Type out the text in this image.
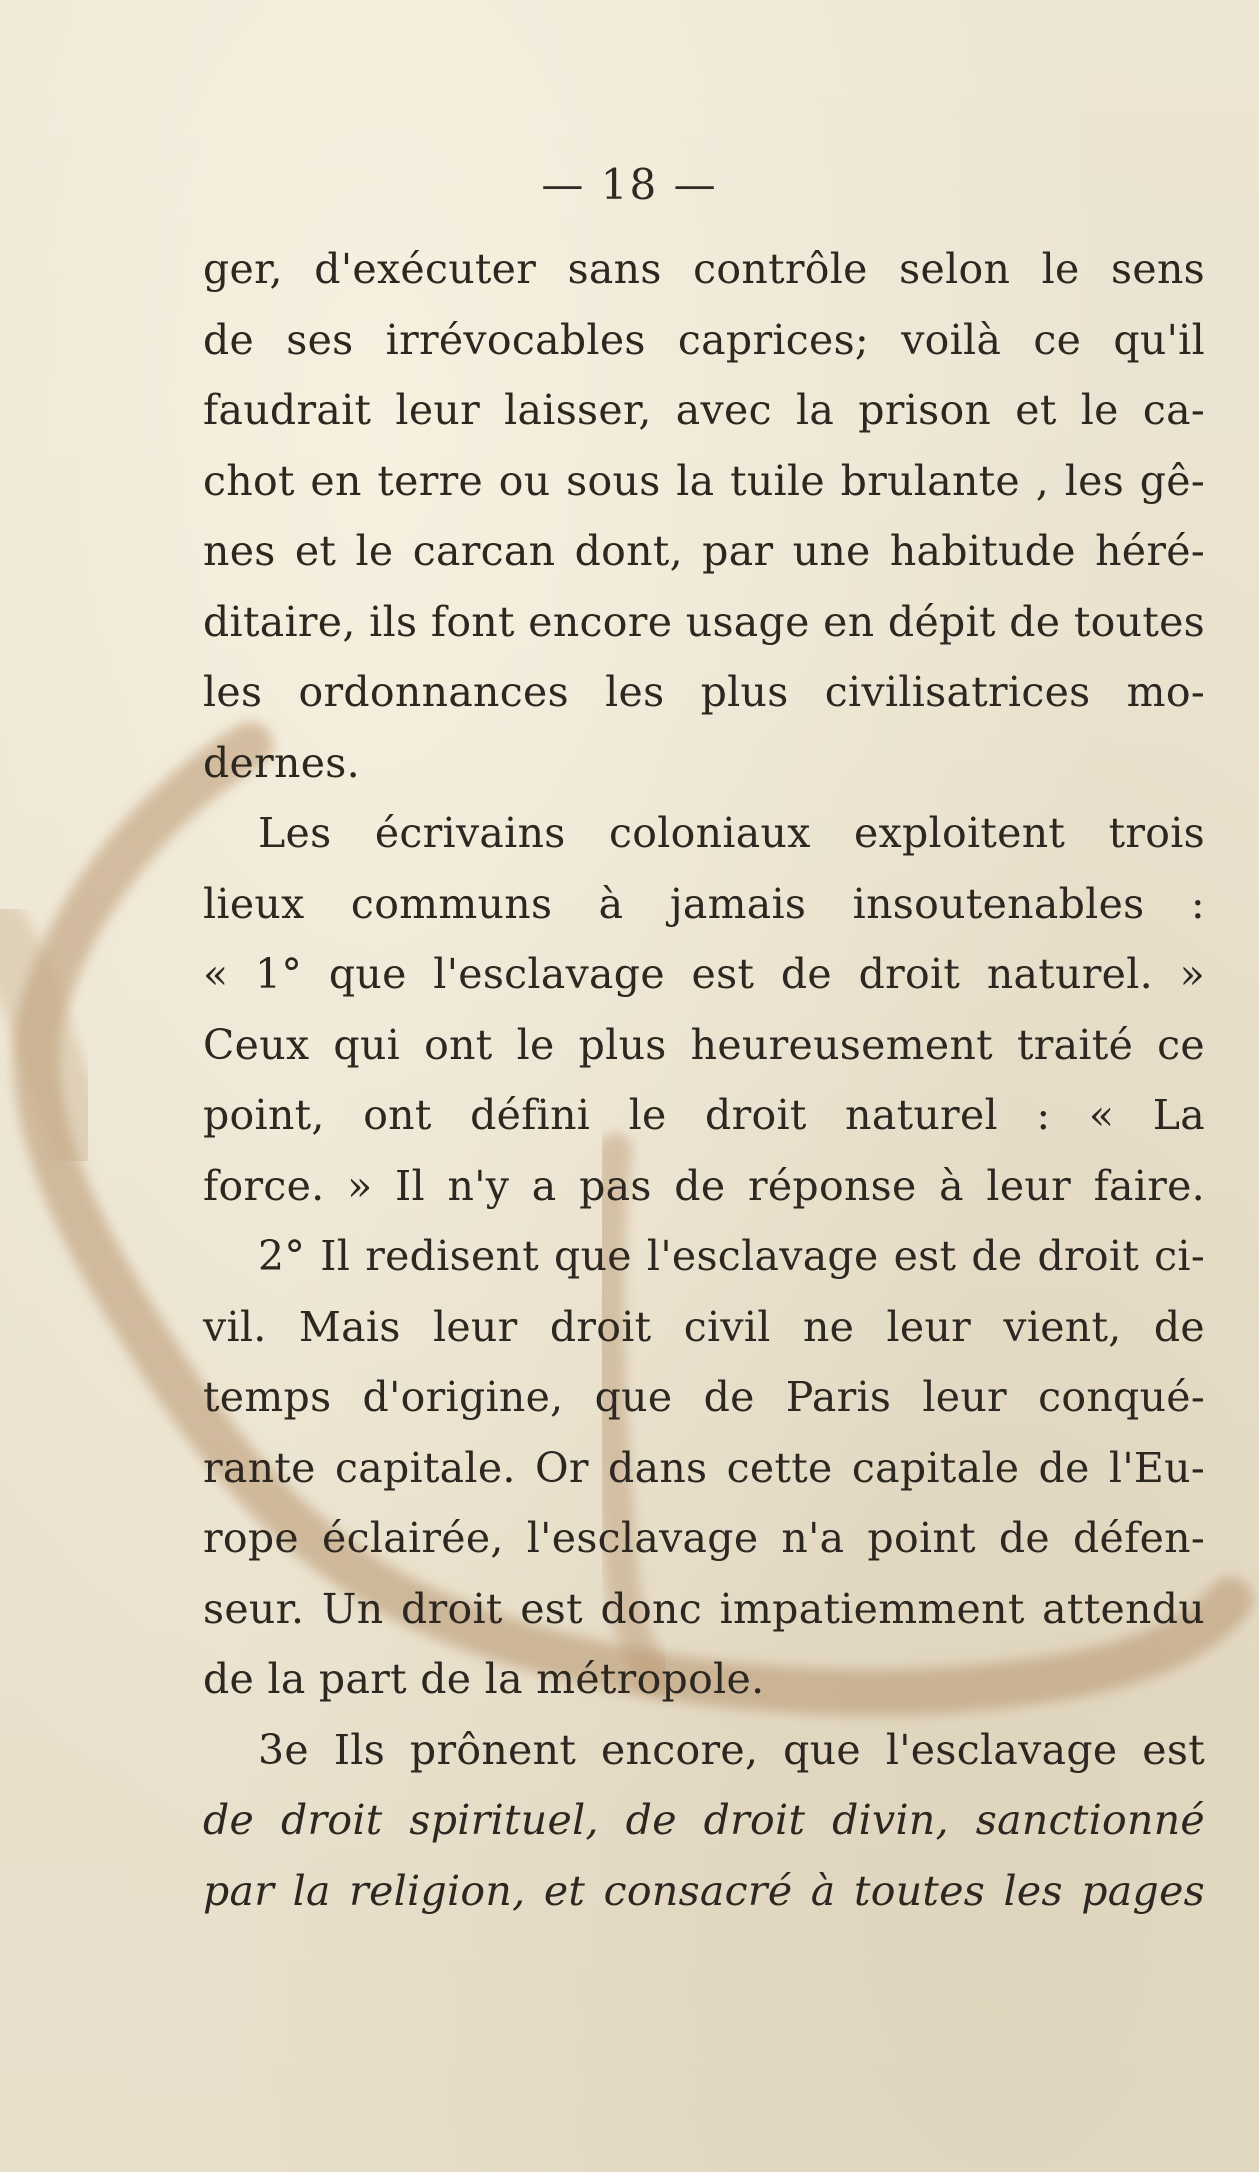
— 18 —
ger, d'exécuter sans contrôle selon le sens
de ses irrévocables caprices; voilà ce qu'il
faudrait leur laisser, avec la prison et le ca-
chot en terre ou sous la tuile brulante , les gê-
nes et le carcan dont, par une habitude héré-
ditaire, ils font encore usage en dépit de toutes
les ordonnances les plus civilisatrices mo-
dernes.
Les écrivains coloniaux exploitent trois
lieux communs à jamais insoutenables :
« 1° que l'esclavage est de droit naturel. »
Ceux qui ont le plus heureusement traité ce
point, ont défini le droit naturel : « La
force. » Il n'y a pas de réponse à leur faire.
2° Il redisent que l'esclavage est de droit ci-
vil. Mais leur droit civil ne leur vient, de
temps d'origine, que de Paris leur conqué-
rante capitale. Or dans cette capitale de l'Eu-
rope éclairée, l'esclavage n'a point de défen-
seur. Un droit est donc impatiemment attendu
de la part de la métropole.
3e Ils prônent encore, que l'esclavage est
de droit spirituel, de droit divin, sanctionné
par la religion, et consacré à toutes les pages
